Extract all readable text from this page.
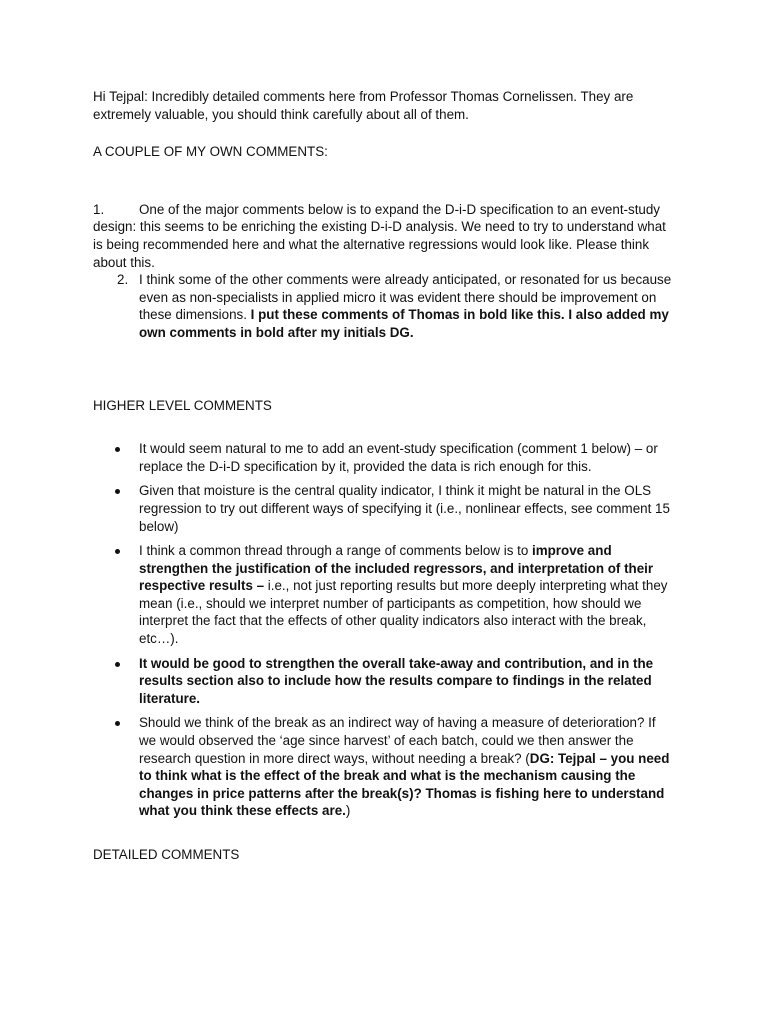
Hi Tejpal: Incredibly detailed comments here from Professor Thomas Cornelissen. They are extremely valuable, you should think carefully about all of them.

A COUPLE OF MY OWN COMMENTS:

1.	One of the major comments below is to expand the D-i-D specification to an event-study design: this seems to be enriching the existing D-i-D analysis. We need to try to understand what is being recommended here and what the alternative regressions would look like. Please think about this.
2. I think some of the other comments were already anticipated, or resonated for us because even as non-specialists in applied micro it was evident there should be improvement on these dimensions. I put these comments of Thomas in bold like this. I also added my own comments in bold after my initials DG.

HIGHER LEVEL COMMENTS

It would seem natural to me to add an event-study specification (comment 1 below) – or replace the D-i-D specification by it, provided the data is rich enough for this.
Given that moisture is the central quality indicator, I think it might be natural in the OLS regression to try out different ways of specifying it (i.e., nonlinear effects, see comment 15 below)
I think a common thread through a range of comments below is to improve and strengthen the justification of the included regressors, and interpretation of their respective results – i.e., not just reporting results but more deeply interpreting what they mean (i.e., should we interpret number of participants as competition, how should we interpret the fact that the effects of other quality indicators also interact with the break, etc…).
It would be good to strengthen the overall take-away and contribution, and in the results section also to include how the results compare to findings in the related literature.
Should we think of the break as an indirect way of having a measure of deterioration? If we would observed the ‘age since harvest’ of each batch, could we then answer the research question in more direct ways, without needing a break? (DG: Tejpal – you need to think what is the effect of the break and what is the mechanism causing the changes in price patterns after the break(s)? Thomas is fishing here to understand what you think these effects are.)

DETAILED COMMENTS
